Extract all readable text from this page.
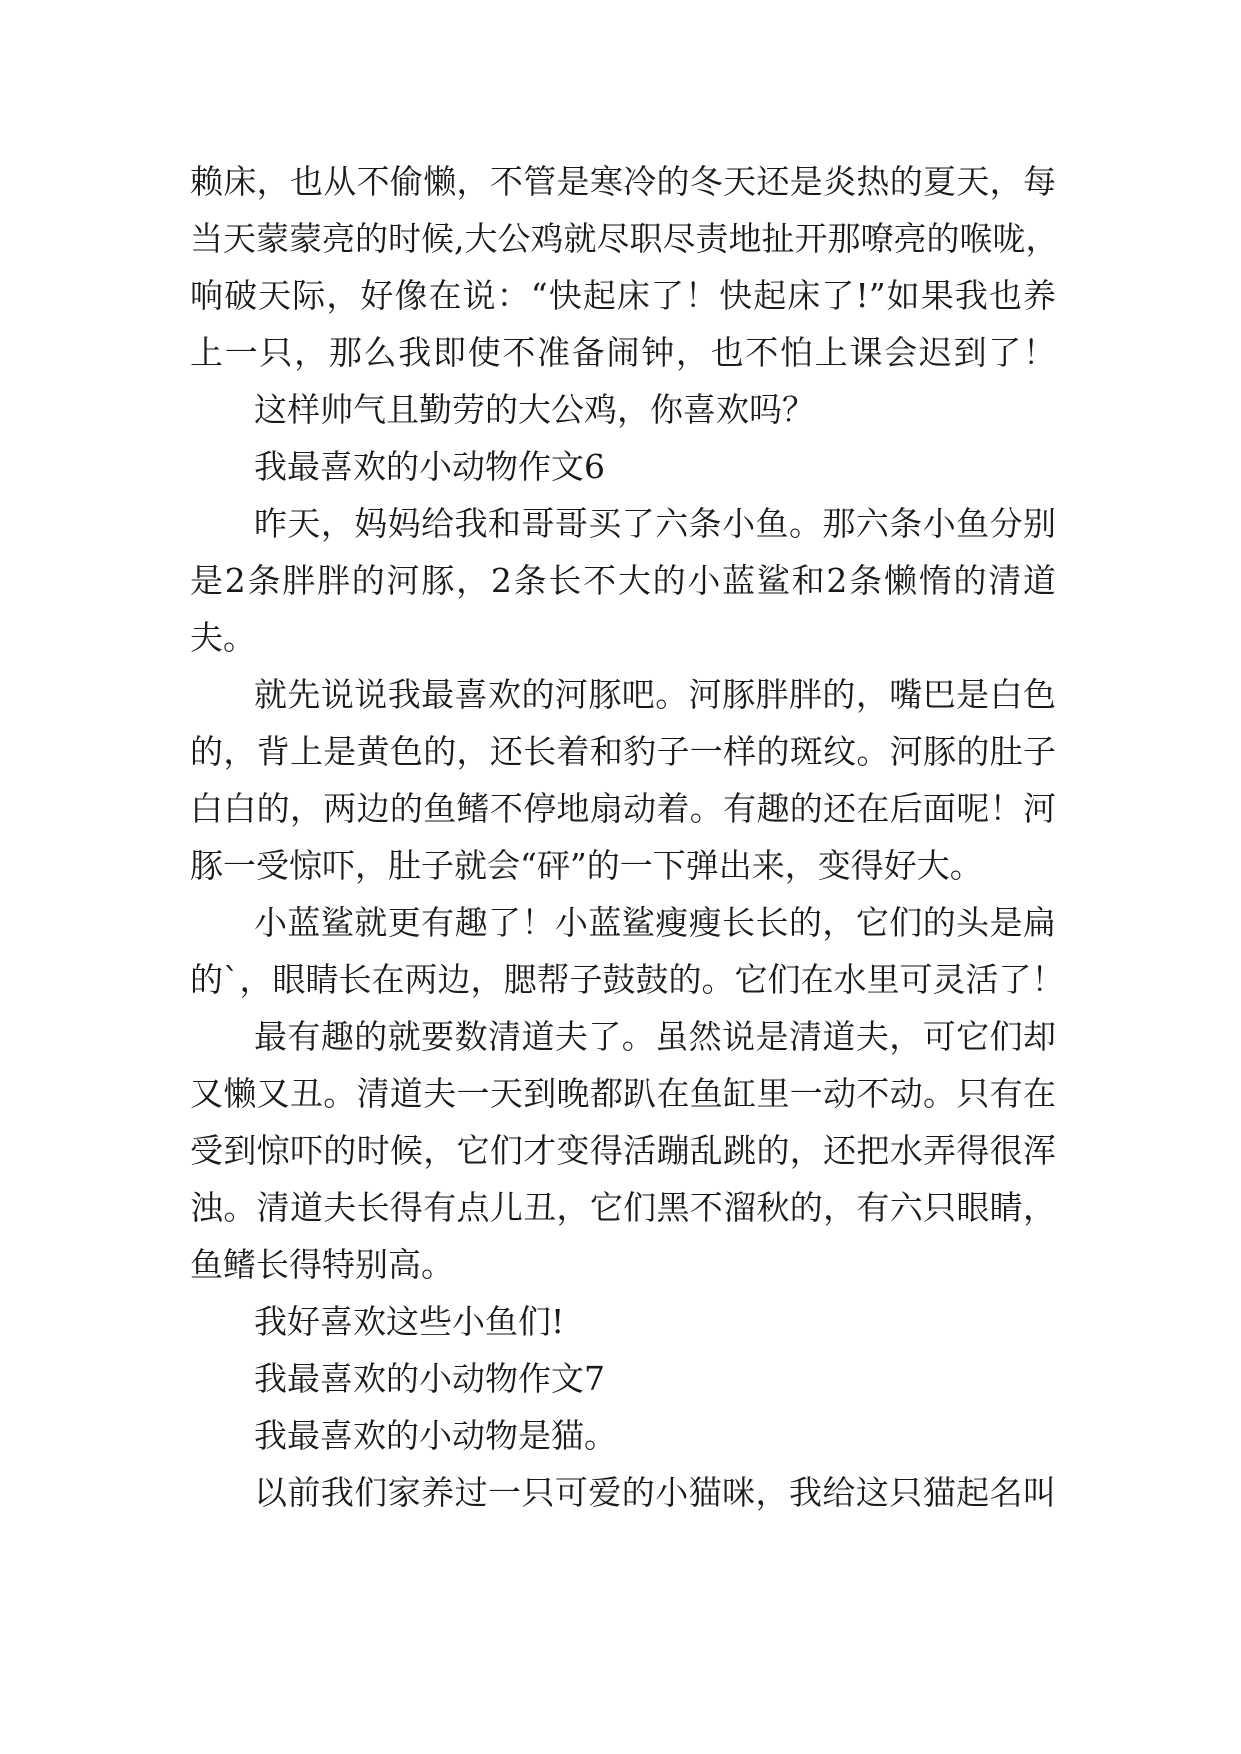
赖床，也从不偷懒，不管是寒冷的冬天还是炎热的夏天，每
当天蒙蒙亮的时候,大公鸡就尽职尽责地扯开那嘹亮的喉咙，
响破天际，好像在说：“快起床了！快起床了!”如果我也养
上一只，那么我即使不准备闹钟，也不怕上课会迟到了！
这样帅气且勤劳的大公鸡，你喜欢吗？
我最喜欢的小动物作文6
昨天，妈妈给我和哥哥买了六条小鱼。那六条小鱼分别
是2条胖胖的河豚，2条长不大的小蓝鲨和2条懒惰的清道
夫。
就先说说我最喜欢的河豚吧。河豚胖胖的，嘴巴是白色
的，背上是黄色的，还长着和豹子一样的斑纹。河豚的肚子
白白的，两边的鱼鳍不停地扇动着。有趣的还在后面呢！河
豚一受惊吓，肚子就会“砰”的一下弹出来，变得好大。
小蓝鲨就更有趣了！小蓝鲨瘦瘦长长的，它们的头是扁
的`，眼睛长在两边，腮帮子鼓鼓的。它们在水里可灵活了！
最有趣的就要数清道夫了。虽然说是清道夫，可它们却
又懒又丑。清道夫一天到晚都趴在鱼缸里一动不动。只有在
受到惊吓的时候，它们才变得活蹦乱跳的，还把水弄得很浑
浊。清道夫长得有点儿丑，它们黑不溜秋的，有六只眼睛，
鱼鳍长得特别高。
我好喜欢这些小鱼们!
我最喜欢的小动物作文7
我最喜欢的小动物是猫。
以前我们家养过一只可爱的小猫咪，我给这只猫起名叫
